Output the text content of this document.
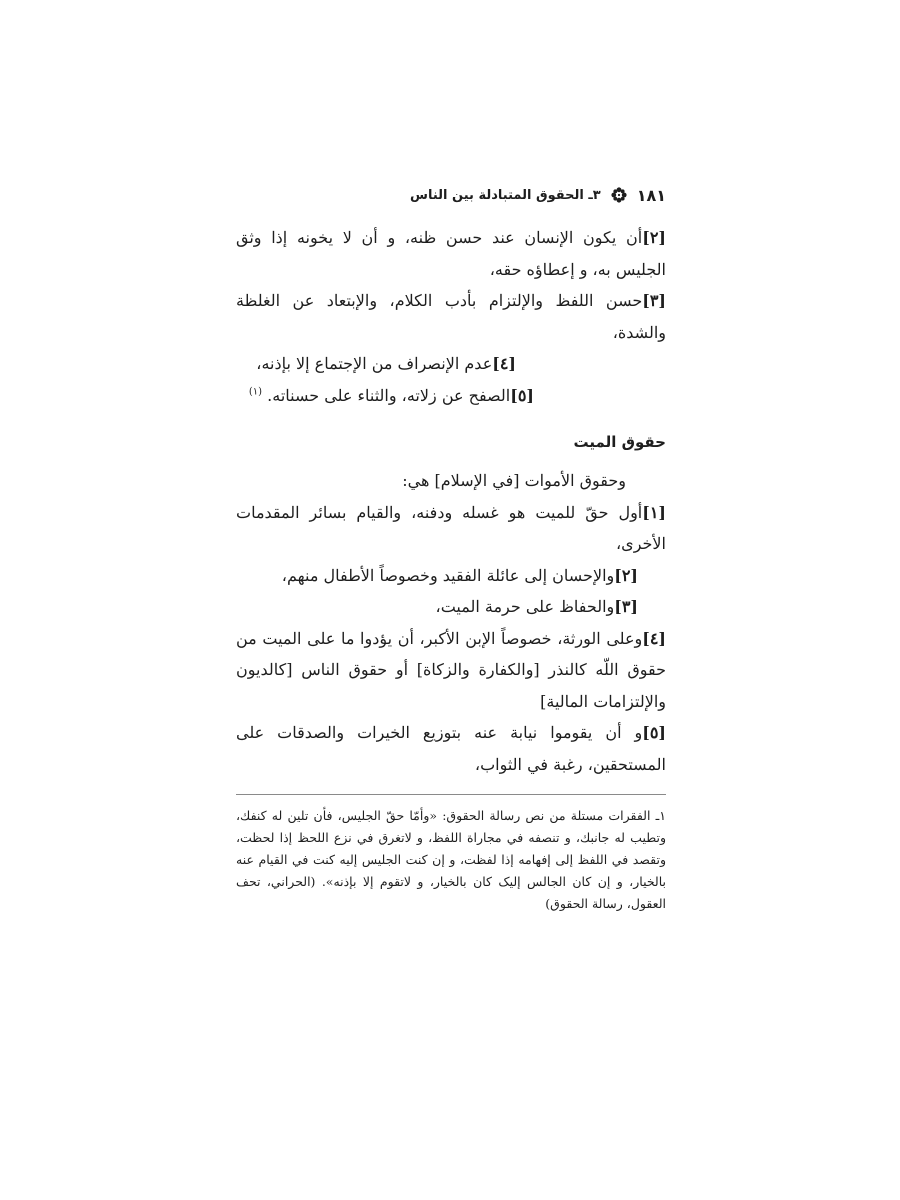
١٨١
٣ـ الحقوق المتبادلة بين الناس

[٢]أن يكون الإنسان عند حسن ظنه، و أن لا يخونه إذا وثق الجليس به، و إعطاؤه حقه،

[٣]حسن اللفظ والإلتزام بأدب الكلام، والإبتعاد عن الغلظة والشدة،

[٤]عدم الإنصراف من الإجتماع إلا بإذنه،

[٥]الصفح عن زلاته، والثناء على حسناته. $^{(١)}$

حقوق الميت

وحقوق الأموات [في الإسلام] هي:

[١]أول حقّ للميت هو غسله ودفنه، والقيام بسائر المقدمات الأخرى،

[٢]والإحسان إلى عائلة الفقيد وخصوصاً الأطفال منهم،

[٣]والحفاظ على حرمة الميت،

[٤]وعلى الورثة، خصوصاً الإبن الأكبر، أن يؤدوا ما على الميت من حقوق اللّه كالنذر [والكفارة والزكاة] أو حقوق الناس [كالديون والإلتزامات المالية]

[٥]و أن يقوموا نيابة عنه بتوزيع الخيرات والصدقات على المستحقين، رغبة في الثواب،

١ـ الفقرات مستلة من نص رسالة الحقوق: «وأمّا حقّ الجليس، فأن تلين له كنفك، وتطيب له جانبك، و تنصفه في مجاراة اللفظ، و لاتغرق في نزع اللحظ إذا لحظت، وتقصد في اللفظ إلى إفهامه إذا لفظت، و إن كنت الجليس إليه كنت في القيام عنه بالخيار، و إن كان الجالس إليک كان بالخيار، و لاتقوم إلا بإذنه». (الحراني، تحف العقول، رسالة الحقوق)
